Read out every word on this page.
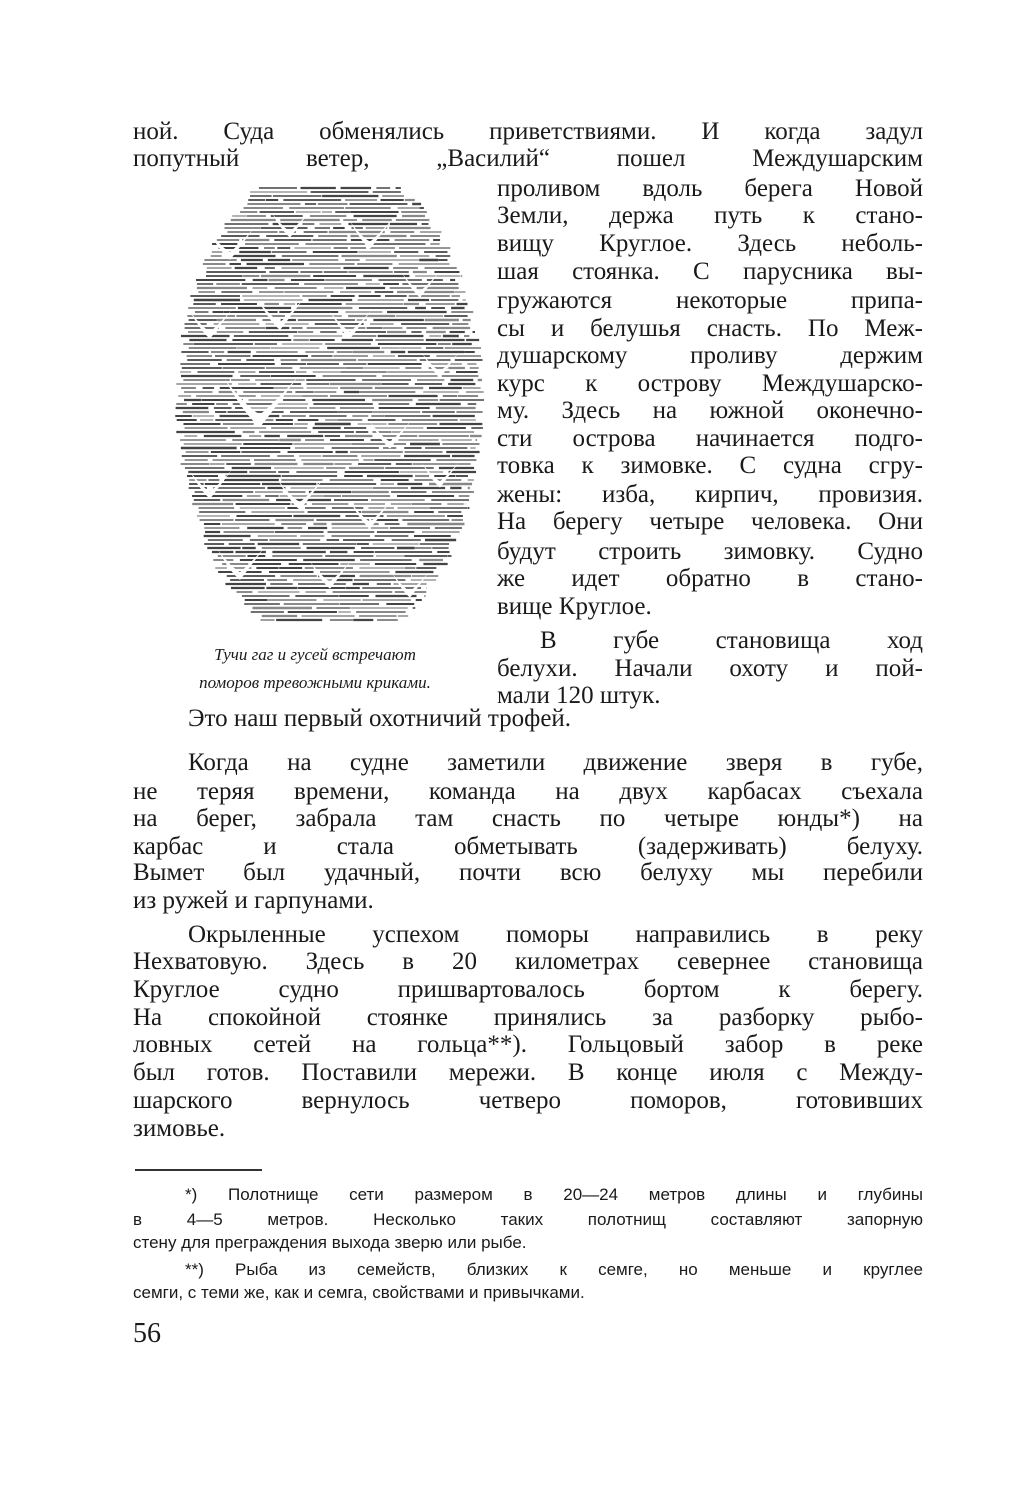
ной. Суда обменялись приветствиями. И когда задул
попутный ветер, „Василий“ пошел Междушарским
проливом вдоль берега Новой
Земли, держа путь к стано-
вищу Круглое. Здесь неболь-
шая стоянка. С парусника вы-
гружаются некоторые припа-
сы и белушья снасть. По Меж-
душарскому проливу держим
курс к острову Междушарско-
му. Здесь на южной оконечно-
сти острова начинается подго-
товка к зимовке. С судна сгру-
жены: изба, кирпич, провизия.
На берегу четыре человека. Они
будут строить зимовку. Судно
же идет обратно в стано-
вище Круглое.
В губе становища ход
белухи. Начали охоту и пой-
мали 120 штук.
Тучи гаг и гусей встречают
поморов тревожными криками.
Это наш первый охотничий трофей.
Когда на судне заметили движение зверя в губе,
не теряя времени, команда на двух карбасах съехала
на берег, забрала там снасть по четыре юнды*) на
карбас и стала обметывать (задерживать) белуху.
Вымет был удачный, почти всю белуху мы перебили
из ружей и гарпунами.
Окрыленные успехом поморы направились в реку
Нехватовую. Здесь в 20 километрах севернее становища
Круглое судно пришвартовалось бортом к берегу.
На спокойной стоянке принялись за разборку рыбо-
ловных сетей на гольца**). Гольцовый забор в реке
был готов. Поставили мережи. В конце июля с Между-
шарского вернулось четверо поморов, готовивших
зимовье.
*) Полотнище сети размером в 20—24 метров длины и глубины
в 4—5 метров. Несколько таких полотнищ составляют запорную
стену для преграждения выхода зверю или рыбе.
**) Рыба из семейств, близких к семге, но меньше и круглее
семги, с теми же, как и семга, свойствами и привычками.
56
